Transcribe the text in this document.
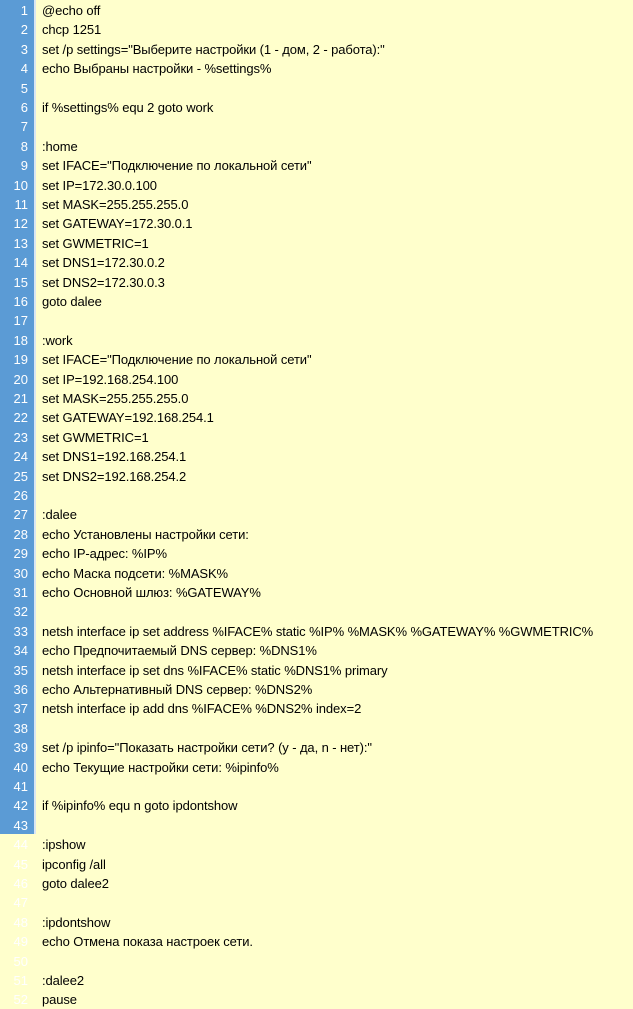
1 @echo off
2 chcp 1251
3 set /p settings="Выберите настройки (1 - дом, 2 - работа):"
4 echo Выбраны настройки - %settings%
5
6 if %settings% equ 2 goto work
7
8 :home
9 set IFACE="Подключение по локальной сети"
10 set IP=172.30.0.100
11 set MASK=255.255.255.0
12 set GATEWAY=172.30.0.1
13 set GWMETRIC=1
14 set DNS1=172.30.0.2
15 set DNS2=172.30.0.3
16 goto dalee
17
18 :work
19 set IFACE="Подключение по локальной сети"
20 set IP=192.168.254.100
21 set MASK=255.255.255.0
22 set GATEWAY=192.168.254.1
23 set GWMETRIC=1
24 set DNS1=192.168.254.1
25 set DNS2=192.168.254.2
26
27 :dalee
28 echo Установлены настройки сети:
29 echo IP-адрес: %IP%
30 echo Маска подсети: %MASK%
31 echo Основной шлюз: %GATEWAY%
32
33 netsh interface ip set address %IFACE% static %IP% %MASK% %GATEWAY% %GWMETRIC%
34 echo Предпочитаемый DNS сервер: %DNS1%
35 netsh interface ip set dns %IFACE% static %DNS1% primary
36 echo Альтернативный DNS сервер: %DNS2%
37 netsh interface ip add dns %IFACE% %DNS2% index=2
38
39 set /p ipinfo="Показать настройки сети? (y - да, n - нет):"
40 echo Текущие настройки сети: %ipinfo%
41
42 if %ipinfo% equ n goto ipdontshow
43
44 :ipshow
45 ipconfig /all
46 goto dalee2
47
48 :ipdontshow
49 echo Отмена показа настроек сети.
50
51 :dalee2
52 pause
